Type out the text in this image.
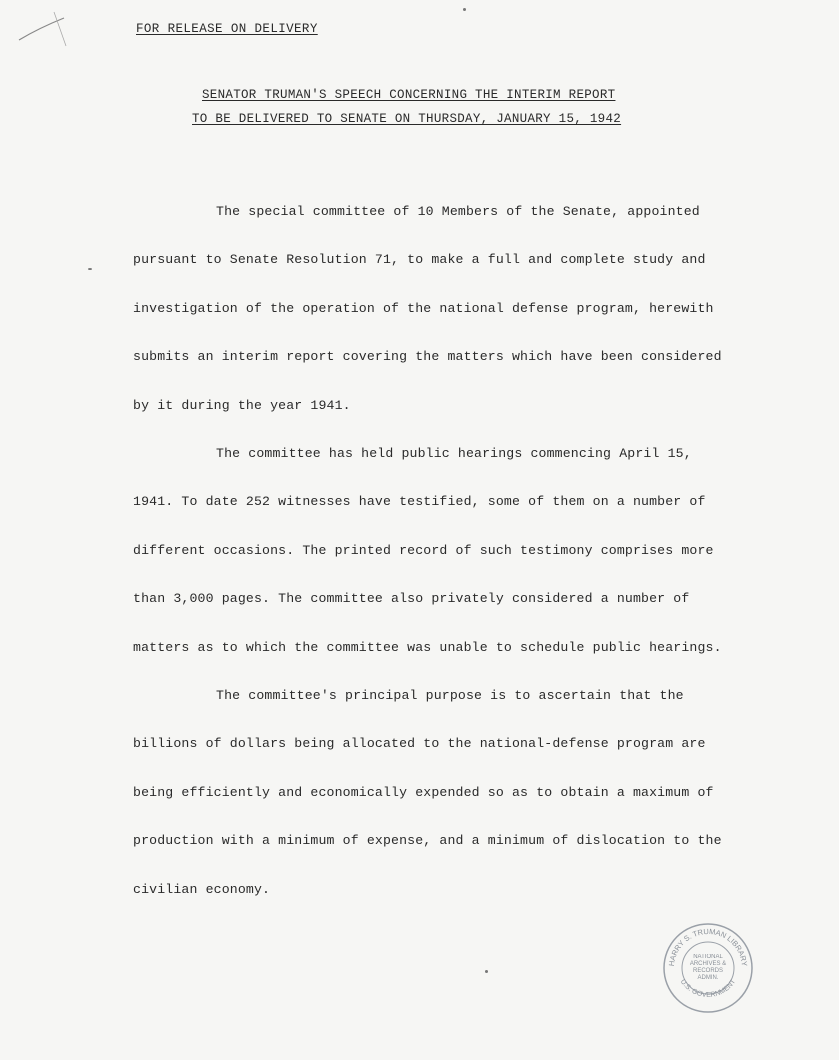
FOR RELEASE ON DELIVERY
SENATOR TRUMAN'S SPEECH CONCERNING THE INTERIM REPORT
TO BE DELIVERED TO SENATE ON THURSDAY, JANUARY 15, 1942

The special committee of 10 Members of the Senate, appointed pursuant to Senate Resolution 71, to make a full and complete study and investigation of the operation of the national defense program, herewith submits an interim report covering the matters which have been considered by it during the year 1941.

The committee has held public hearings commencing April 15, 1941. To date 252 witnesses have testified, some of them on a number of different occasions. The printed record of such testimony comprises more than 3,000 pages. The committee also privately considered a number of matters as to which the committee was unable to schedule public hearings.

The committee's principal purpose is to ascertain that the billions of dollars being allocated to the national-defense program are being efficiently and economically expended so as to obtain a maximum of production with a minimum of expense, and a minimum of dislocation to the civilian economy.

HARRY S. TRUMAN LIBRARY
U.S. GOVERNMENT
NATIONAL ARCHIVES & RECORDS ADMIN.
